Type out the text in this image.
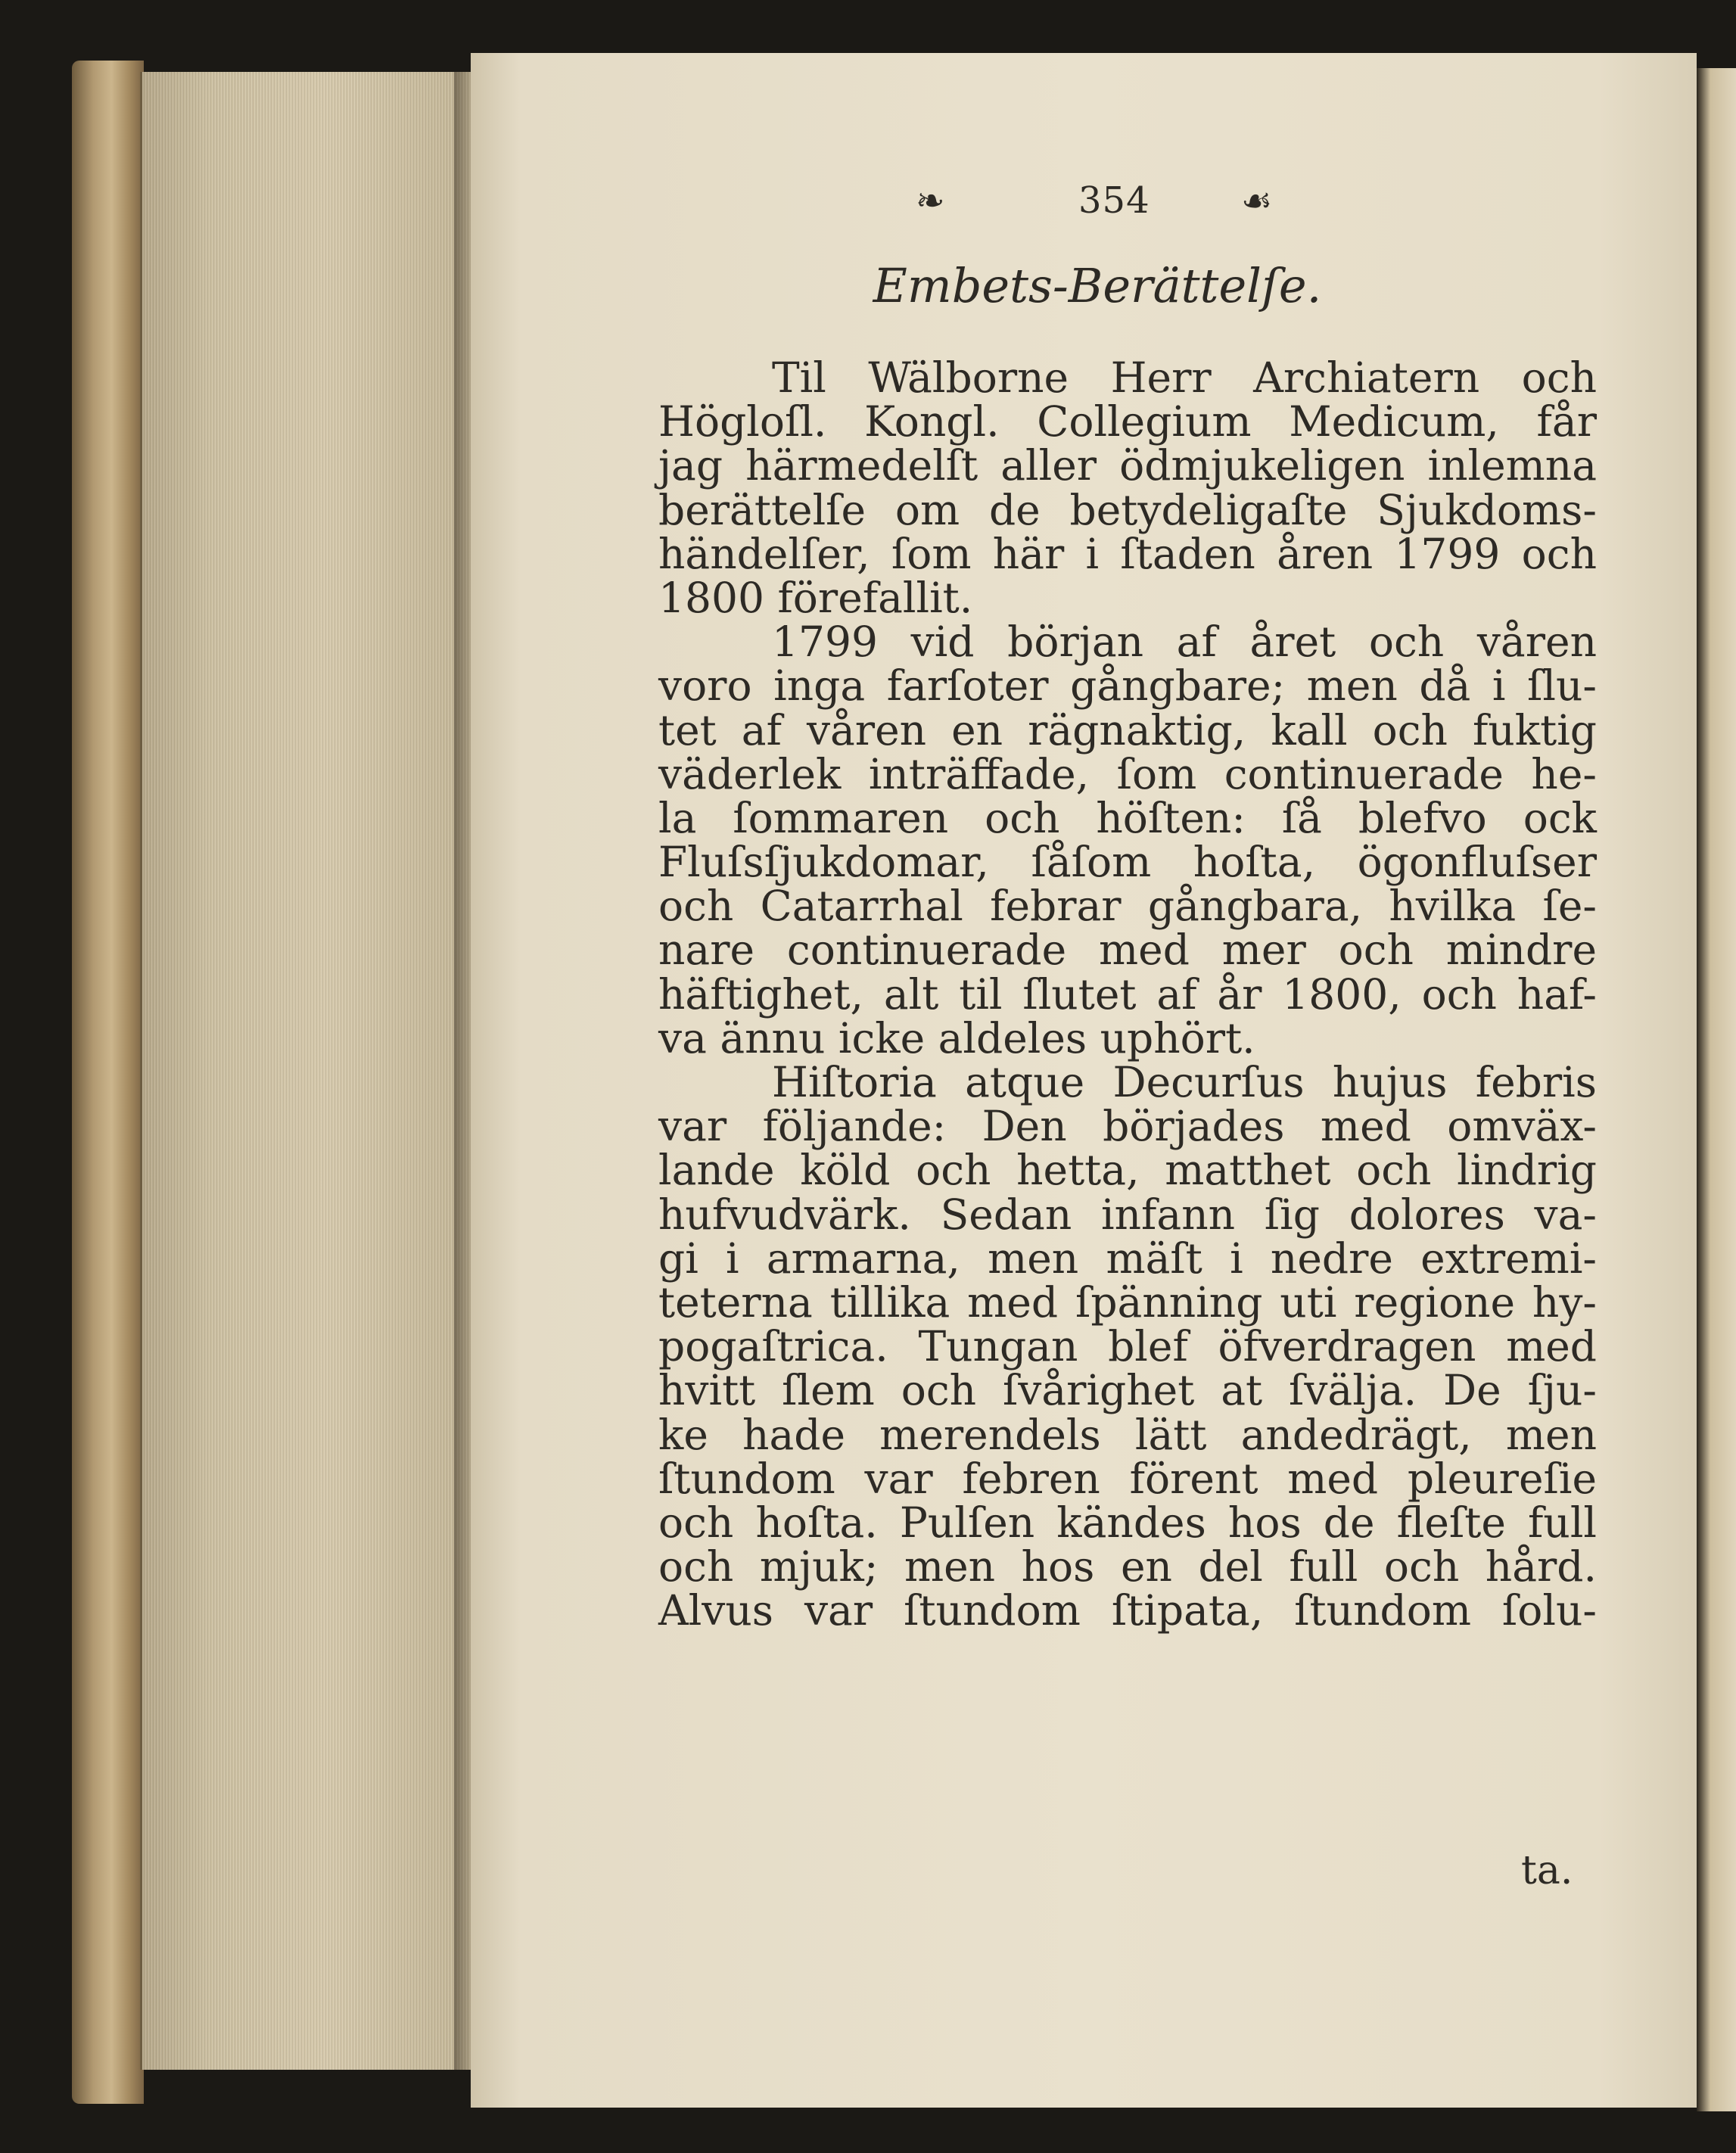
❧	354	☙
Embets-Berättelſe.
Til Wälborne Herr Archiatern och
Högloſl. Kongl. Collegium Medicum, får
jag härmedelſt aller ödmjukeligen inlemna
berättelſe om de betydeligaſte Sjukdoms-
händelſer, ſom här i ſtaden åren 1799 och
1800 förefallit.
1799 vid början af året och våren
voro inga farſoter gångbare; men då i ſlu-
tet af våren en rägnaktig, kall och fuktig
väderlek inträffade, ſom continuerade he-
la ſommaren och höſten: ſå blefvo ock
Fluſsſjukdomar, ſåſom hoſta, ögonfluſser
och Catarrhal febrar gångbara, hvilka ſe-
nare continuerade med mer och mindre
häftighet, alt til ſlutet af år 1800, och haf-
va ännu icke aldeles uphört.
Hiſtoria atque Decurſus hujus febris
var följande: Den börjades med omväx-
lande köld och hetta, matthet och lindrig
hufvudvärk. Sedan infann ſig dolores va-
gi i armarna, men mäſt i nedre extremi-
teterna tillika med ſpänning uti regione hy-
pogaſtrica. Tungan blef öfverdragen med
hvitt ſlem och ſvårighet at ſvälja. De ſju-
ke hade merendels lätt andedrägt, men
ſtundom var febren förent med pleureſie
och hoſta. Pulſen kändes hos de fleſte full
och mjuk; men hos en del full och hård.
Alvus var ſtundom ſtipata, ſtundom ſolu-
ta.
